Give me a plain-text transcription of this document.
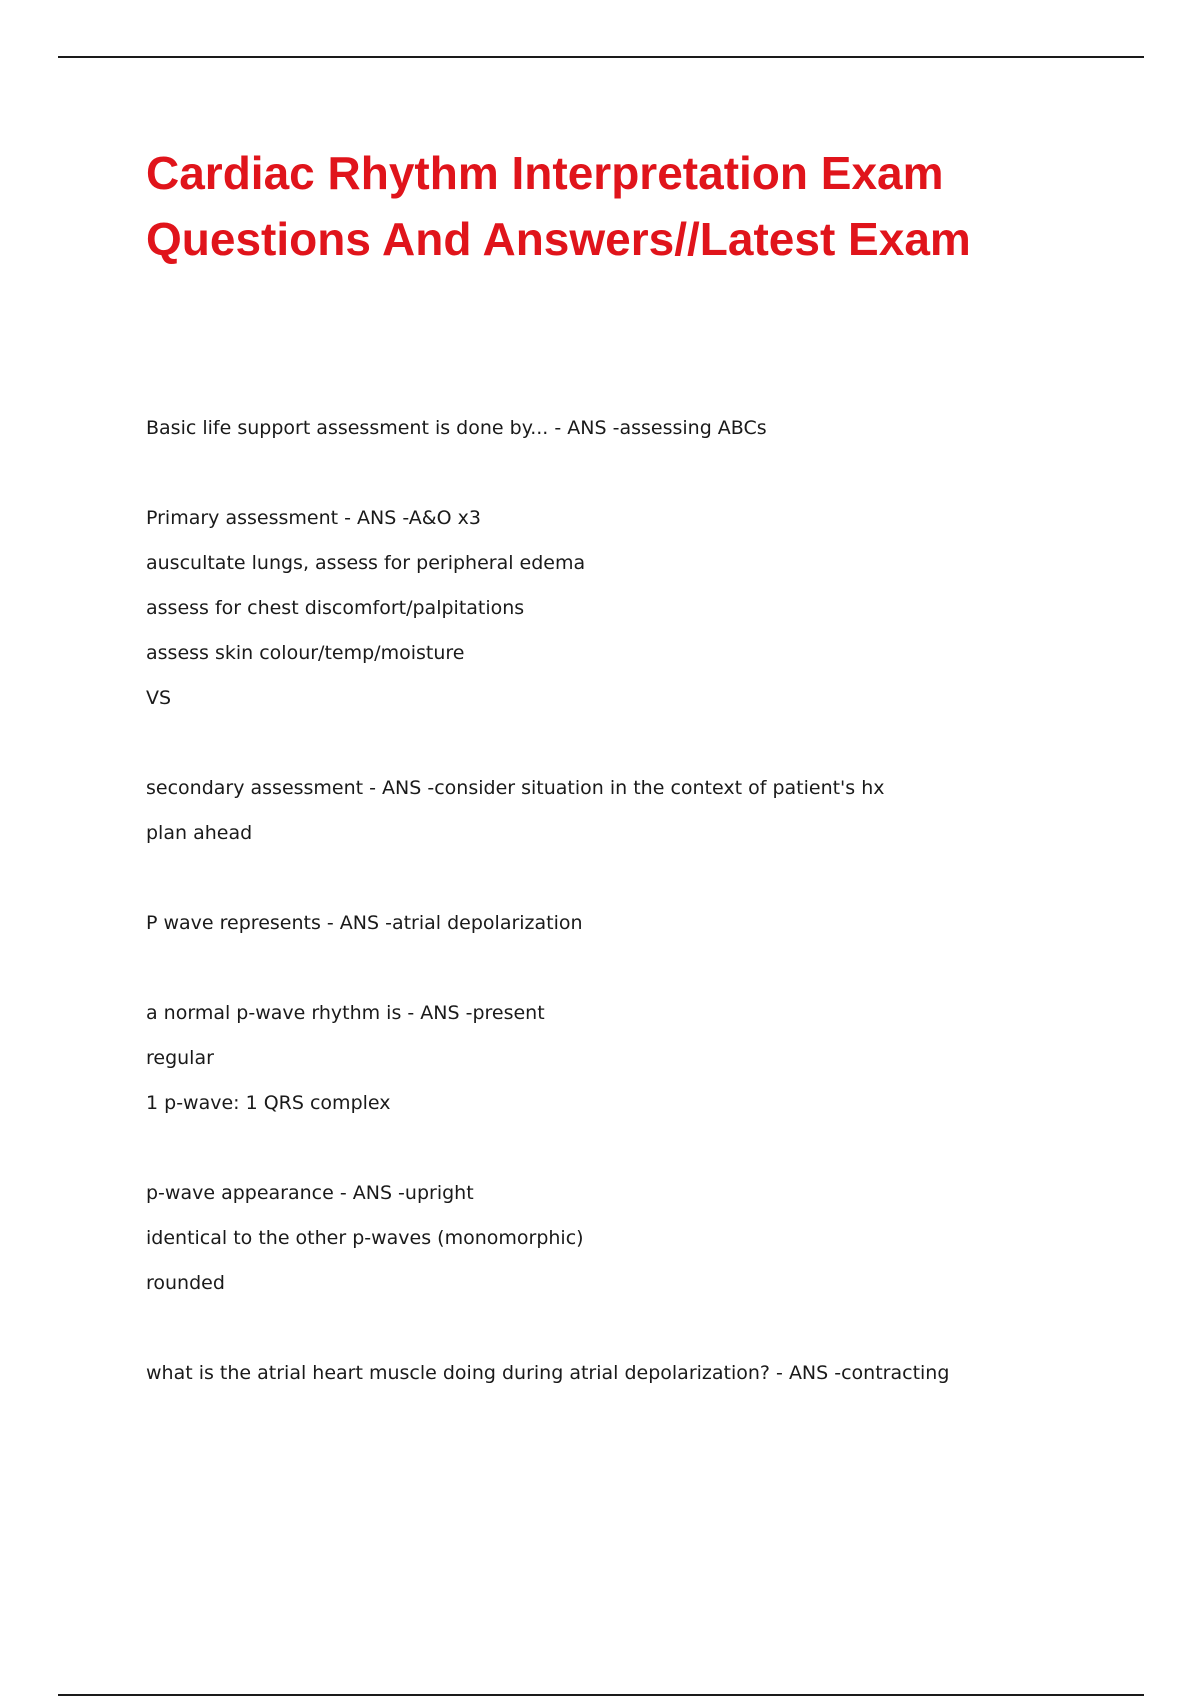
Cardiac Rhythm Interpretation Exam
Questions And Answers//Latest Exam
Basic life support assessment is done by... - ANS -assessing ABCs
Primary assessment - ANS -A&O x3
auscultate lungs, assess for peripheral edema
assess for chest discomfort/palpitations
assess skin colour/temp/moisture
VS
secondary assessment - ANS -consider situation in the context of patient's hx
plan ahead
P wave represents - ANS -atrial depolarization
a normal p-wave rhythm is - ANS -present
regular
1 p-wave: 1 QRS complex
p-wave appearance - ANS -upright
identical to the other p-waves (monomorphic)
rounded
what is the atrial heart muscle doing during atrial depolarization? - ANS -contracting
